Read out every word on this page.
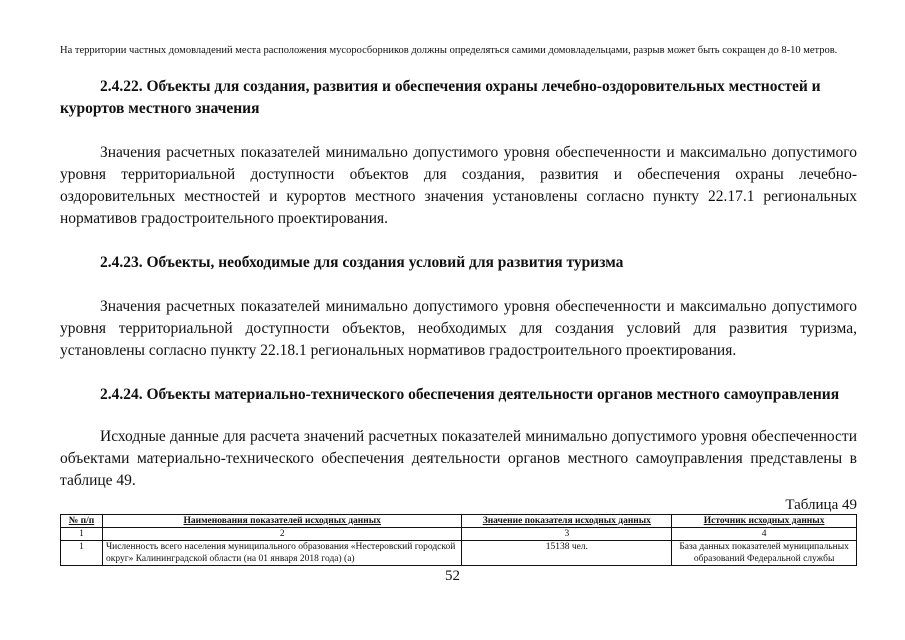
На территории частных домовладений места расположения мусоросборников должны определяться самими домовладельцами, разрыв может быть сокращен до 8-10 метров.

2.4.22. Объекты для создания, развития и обеспечения охраны лечебно-оздоровительных местностей и курортов местного значения

Значения расчетных показателей минимально допустимого уровня обеспеченности и максимально допустимого уровня территориальной доступности объектов для создания, развития и обеспечения охраны лечебно-оздоровительных местностей и курортов местного значения установлены согласно пункту 22.17.1 региональных нормативов градостроительного проектирования.

2.4.23. Объекты, необходимые для создания условий для развития туризма

Значения расчетных показателей минимально допустимого уровня обеспеченности и максимально допустимого уровня территориальной доступности объектов, необходимых для создания условий для развития туризма, установлены согласно пункту 22.18.1 региональных нормативов градостроительного проектирования.

2.4.24. Объекты материально-технического обеспечения деятельности органов местного самоуправления

Исходные данные для расчета значений расчетных показателей минимально допустимого уровня обеспеченности объектами материально-технического обеспечения деятельности органов местного самоуправления представлены в таблице 49.

Таблица 49

№ п/п	Наименования показателей исходных данных	Значение показателя исходных данных	Источник исходных данных
1	2	3	4
1	Численность всего населения муниципального образования «Нестеровский городской округ» Калининградской области (на 01 января 2018 года) (а)	15138 чел.	База данных показателей муниципальных образований Федеральной службы
52
